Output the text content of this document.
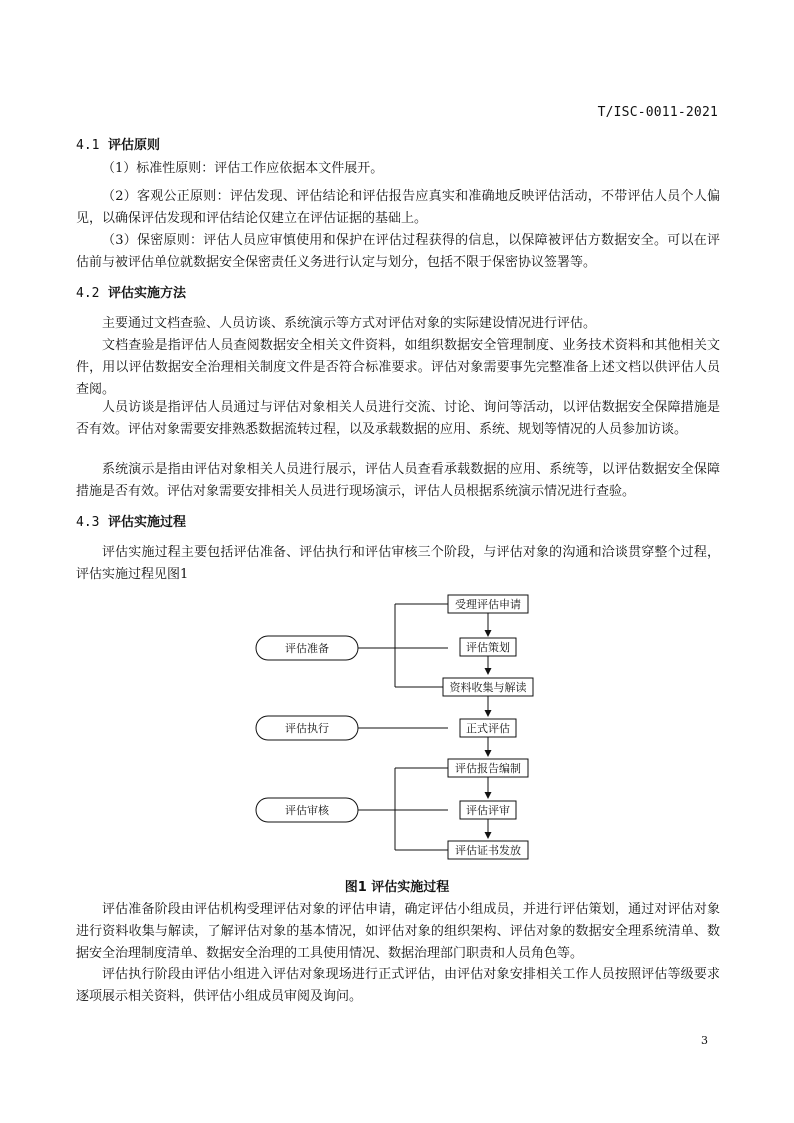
T/ISC-0011-2021
4.1 评估原则

（1）标准性原则：评估工作应依据本文件展开。

（2）客观公正原则：评估发现、评估结论和评估报告应真实和准确地反映评估活动，不带评估人员个人偏见，以确保评估发现和评估结论仅建立在评估证据的基础上。

（3）保密原则：评估人员应审慎使用和保护在评估过程获得的信息，以保障被评估方数据安全。可以在评估前与被评估单位就数据安全保密责任义务进行认定与划分，包括不限于保密协议签署等。

4.2 评估实施方法

主要通过文档查验、人员访谈、系统演示等方式对评估对象的实际建设情况进行评估。

文档查验是指评估人员查阅数据安全相关文件资料，如组织数据安全管理制度、业务技术资料和其他相关文件，用以评估数据安全治理相关制度文件是否符合标准要求。评估对象需要事先完整准备上述文档以供评估人员查阅。

人员访谈是指评估人员通过与评估对象相关人员进行交流、讨论、询问等活动，以评估数据安全保障措施是否有效。评估对象需要安排熟悉数据流转过程，以及承载数据的应用、系统、规划等情况的人员参加访谈。

系统演示是指由评估对象相关人员进行展示，评估人员查看承载数据的应用、系统等，以评估数据安全保障措施是否有效。评估对象需要安排相关人员进行现场演示，评估人员根据系统演示情况进行查验。

4.3 评估实施过程

评估实施过程主要包括评估准备、评估执行和评估审核三个阶段，与评估对象的沟通和洽谈贯穿整个过程，评估实施过程见图1

评估准备
评估执行
评估审核
受理评估申请
评估策划
资料收集与解读
正式评估
评估报告编制
评估评审
评估证书发放
图1 评估实施过程

评估准备阶段由评估机构受理评估对象的评估申请，确定评估小组成员，并进行评估策划，通过对评估对象进行资料收集与解读，了解评估对象的基本情况，如评估对象的组织架构、评估对象的数据安全理系统清单、数据安全治理制度清单、数据安全治理的工具使用情况、数据治理部门职责和人员角色等。

评估执行阶段由评估小组进入评估对象现场进行正式评估，由评估对象安排相关工作人员按照评估等级要求逐项展示相关资料，供评估小组成员审阅及询问。

3
